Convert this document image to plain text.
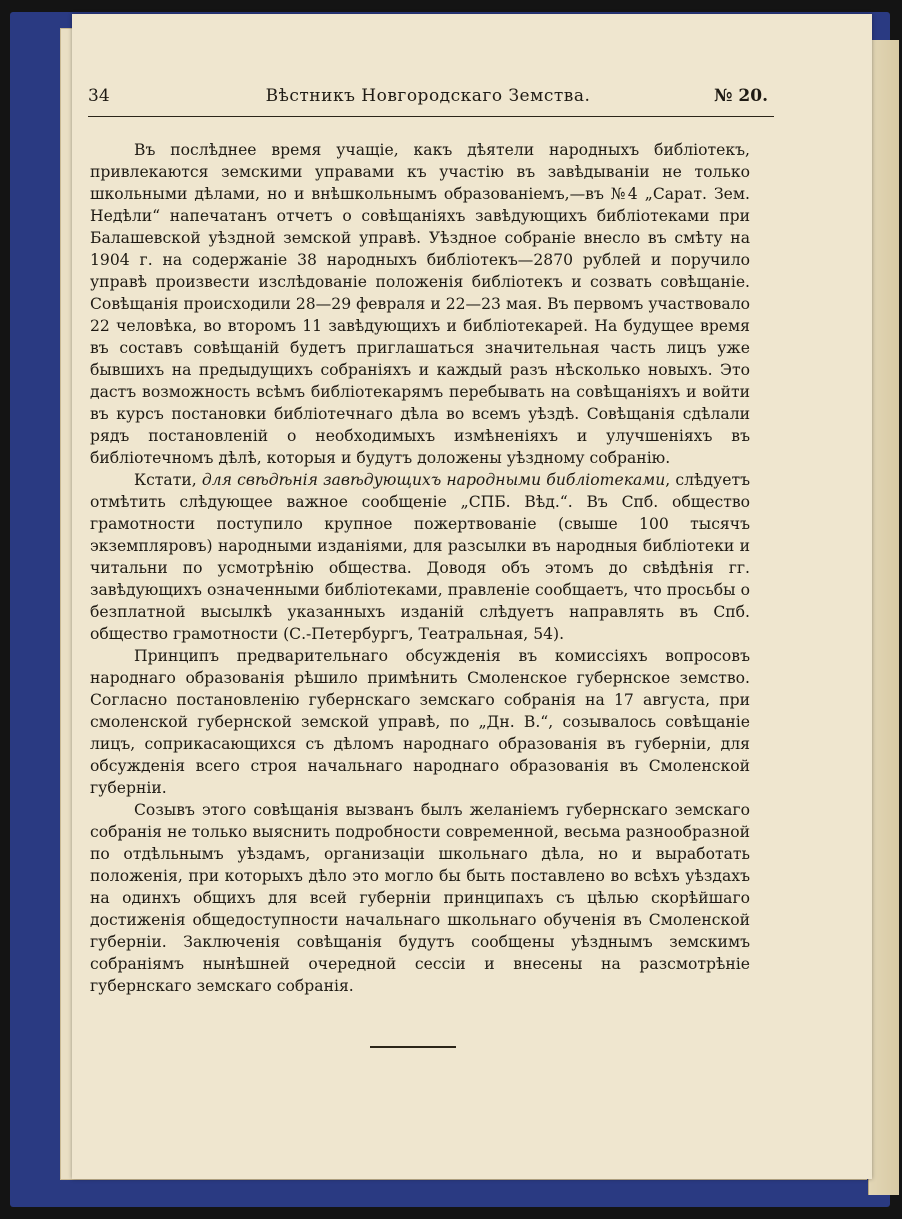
34	Вѣстникъ Новгородскаго Земства.	№ 20.

Въ послѣднее время учащіе, какъ дѣятели народныхъ библіотекъ, привлекаются земскими управами къ участію въ завѣдываніи не только школьными дѣлами, но и внѣшкольнымъ образованіемъ,—въ №4 „Сарат. Зем. Недѣли“ напечатанъ отчетъ о совѣщаніяхъ завѣдующихъ библіотеками при Балашевской уѣздной земской управѣ. Уѣздное собраніе внесло въ смѣту на 1904 г. на содержаніе 38 народныхъ библіотекъ—2870 рублей и поручило управѣ произвести изслѣдованіе положенія библіотекъ и созвать совѣщаніе. Совѣщанія происходили 28—29 февраля и 22—23 мая. Въ первомъ участвовало 22 человѣка, во второмъ 11 завѣдующихъ и библіотекарей. На будущее время въ составъ совѣщаній будетъ приглашаться значительная часть лицъ уже бывшихъ на предыдущихъ собраніяхъ и каждый разъ нѣсколько новыхъ. Это дастъ возможность всѣмъ библіотекарямъ перебывать на совѣщаніяхъ и войти въ курсъ постановки библіотечнаго дѣла во всемъ уѣздѣ. Совѣщанія сдѣлали рядъ постановленій о необходимыхъ измѣненіяхъ и улучшеніяхъ въ библіотечномъ дѣлѣ, которыя и будутъ доложены уѣздному собранію.

Кстати, для свѣдѣнія завѣдующихъ народными библіотеками, слѣдуетъ отмѣтить слѣдующее важное сообщеніе „СПБ. Вѣд.“. Въ Спб. общество грамотности поступило крупное пожертвованіе (свыше 100 тысячъ экземпляровъ) народными изданіями, для разсылки въ народныя библіотеки и читальни по усмотрѣнію общества. Доводя объ этомъ до свѣдѣнія гг. завѣдующихъ означенными библіотеками, правленіе сообщаетъ, что просьбы о безплатной высылкѣ указанныхъ изданій слѣдуетъ направлять въ Спб. общество грамотности (С.-Петербургъ, Театральная, 54).

Принципъ предварительнаго обсужденія въ комиссіяхъ вопросовъ народнаго образованія рѣшило примѣнить Смоленское губернское земство. Согласно постановленію губернскаго земскаго собранія на 17 августа, при смоленской губернской земской управѣ, по „Дн. В.“, созывалось совѣщаніе лицъ, соприкасающихся съ дѣломъ народнаго образованія въ губерніи, для обсужденія всего строя начальнаго народнаго образованія въ Смоленской губерніи.

Созывъ этого совѣщанія вызванъ былъ желаніемъ губернскаго земскаго собранія не только выяснить подробности современной, весьма разнообразной по отдѣльнымъ уѣздамъ, организаціи школьнаго дѣла, но и выработать положенія, при которыхъ дѣло это могло бы быть поставлено во всѣхъ уѣздахъ на одинхъ общихъ для всей губерніи принципахъ съ цѣлью скорѣйшаго достиженія общедоступности начальнаго школьнаго обученія въ Смоленской губерніи. Заключенія совѣщанія будутъ сообщены уѣзднымъ земскимъ собраніямъ нынѣшней очередной сессіи и внесены на разсмотрѣніе губернскаго земскаго собранія.
